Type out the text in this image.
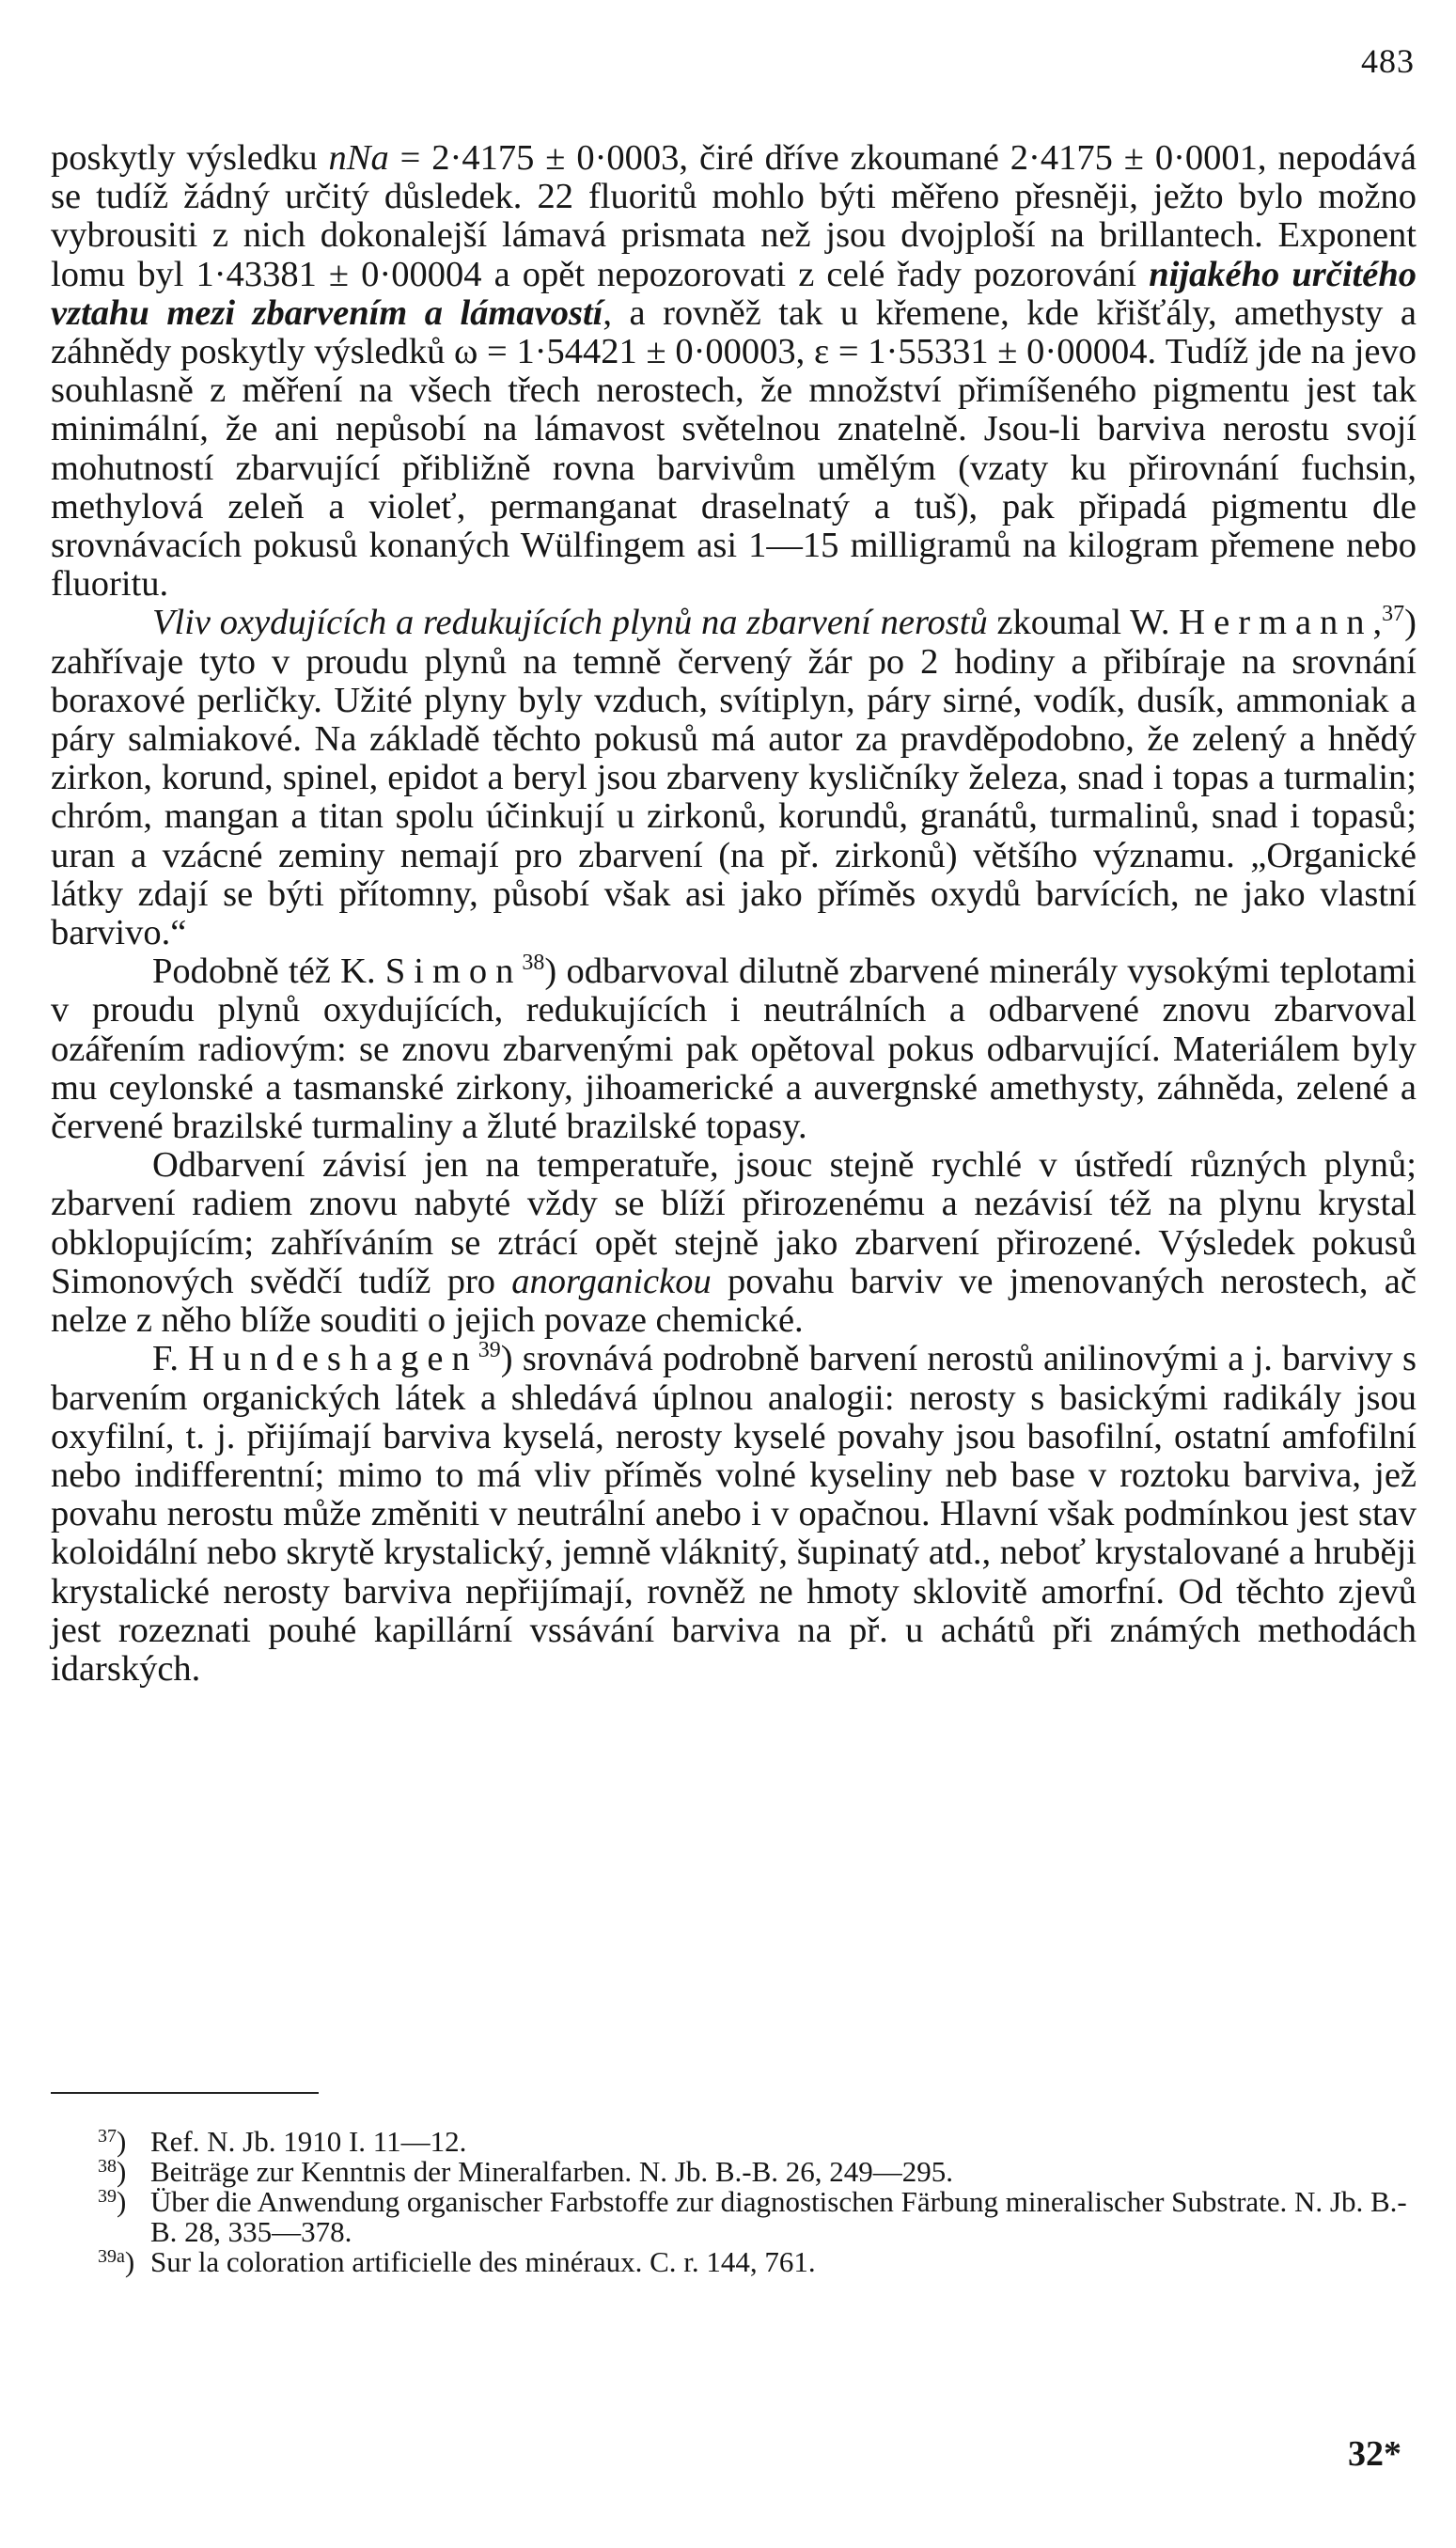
483

poskytly výsledku nNa = 2·4175 ± 0·0003, čiré dříve zkoumané 2·4175 ± 0·0001, nepodává se tudíž žádný určitý důsledek. 22 fluoritů mohlo býti měřeno přesněji, ježto bylo možno vybrousiti z nich dokonalejší lámavá prismata než jsou dvojploší na brillantech. Exponent lomu byl 1·43381 ± 0·00004 a opět nepozorovati z celé řady pozorování nijakého určitého vztahu mezi zbarvením a lámavostí, a rovněž tak u křemene, kde křišťály, amethysty a záhnědy poskytly výsledků ω = 1·54421 ± 0·00003, ε = 1·55331 ± 0·00004. Tudíž jde na jevo souhlasně z měření na všech třech nerostech, že množství přimíšeného pigmentu jest tak minimální, že ani nepůsobí na lámavost světelnou znatelně. Jsou-li barviva nerostu svojí mohutností zbarvující přibližně rovna barvivům umělým (vzaty ku přirovnání fuchsin, methylová zeleň a violeť, permanganat draselnatý a tuš), pak připadá pigmentu dle srovnávacích pokusů konaných Wülfingem asi 1—15 milligramů na kilogram přemene nebo fluoritu.

Vliv oxydujících a redukujících plynů na zbarvení nerostů zkoumal W. Hermann,$^{37}$) zahřívaje tyto v proudu plynů na temně červený žár po 2 hodiny a přibíraje na srovnání boraxové perličky. Užité plyny byly vzduch, svítiplyn, páry sirné, vodík, dusík, ammoniak a páry salmiakové. Na základě těchto pokusů má autor za pravděpodobno, že zelený a hnědý zirkon, korund, spinel, epidot a beryl jsou zbarveny kysličníky železa, snad i topas a turmalin; chróm, mangan a titan spolu účinkují u zirkonů, korundů, granátů, turmalinů, snad i topasů; uran a vzácné zeminy nemají pro zbarvení (na př. zirkonů) většího významu. „Organické látky zdají se býti přítomny, působí však asi jako příměs oxydů barvících, ne jako vlastní barvivo.“

Podobně též K. Simon$^{38}$) odbarvoval dilutně zbarvené minerály vysokými teplotami v proudu plynů oxydujících, redukujících i neutrálních a odbarvené znovu zbarvoval ozářením radiovým: se znovu zbarvenými pak opětoval pokus odbarvující. Materiálem byly mu ceylonské a tasmanské zirkony, jihoamerické a auvergnské amethysty, záhněda, zelené a červené brazilské turmaliny a žluté brazilské topasy.

Odbarvení závisí jen na temperatuře, jsouc stejně rychlé v ústředí různých plynů; zbarvení radiem znovu nabyté vždy se blíží přirozenému a nezávisí též na plynu krystal obklopujícím; zahříváním se ztrácí opět stejně jako zbarvení přirozené. Výsledek pokusů Simonových svědčí tudíž pro anorganickou povahu barviv ve jmenovaných nerostech, ač nelze z něho blíže souditi o jejich povaze chemické.

F. Hundeshagen$^{39}$) srovnává podrobně barvení nerostů anilinovými a j. barvivy s barvením organických látek a shledává úplnou analogii: nerosty s basickými radikály jsou oxyfilní, t. j. přijímají barviva kyselá, nerosty kyselé povahy jsou basofilní, ostatní amfofilní nebo indifferentní; mimo to má vliv příměs volné kyseliny neb base v roztoku barviva, jež povahu nerostu může změniti v neutrální anebo i v opačnou. Hlavní však podmínkou jest stav koloidální nebo skrytě krystalický, jemně vláknitý, šupinatý atd., neboť krystalované a hruběji krystalické nerosty barviva nepřijímají, rovněž ne hmoty sklovitě amorfní. Od těchto zjevů jest rozeznati pouhé kapillární vssávání barviva na př. u achátů při známých methodách idarských.

$^{37}$) Ref. N. Jb. 1910 I. 11—12.
$^{38}$) Beiträge zur Kenntnis der Mineralfarben. N. Jb. B.-B. 26, 249—295.
$^{39}$) Über die Anwendung organischer Farbstoffe zur diagnostischen Färbung mineralischer Substrate. N. Jb. B.-B. 28, 335—378.
$^{39a}$) Sur la coloration artificielle des minéraux. C. r. 144, 761.
32*
